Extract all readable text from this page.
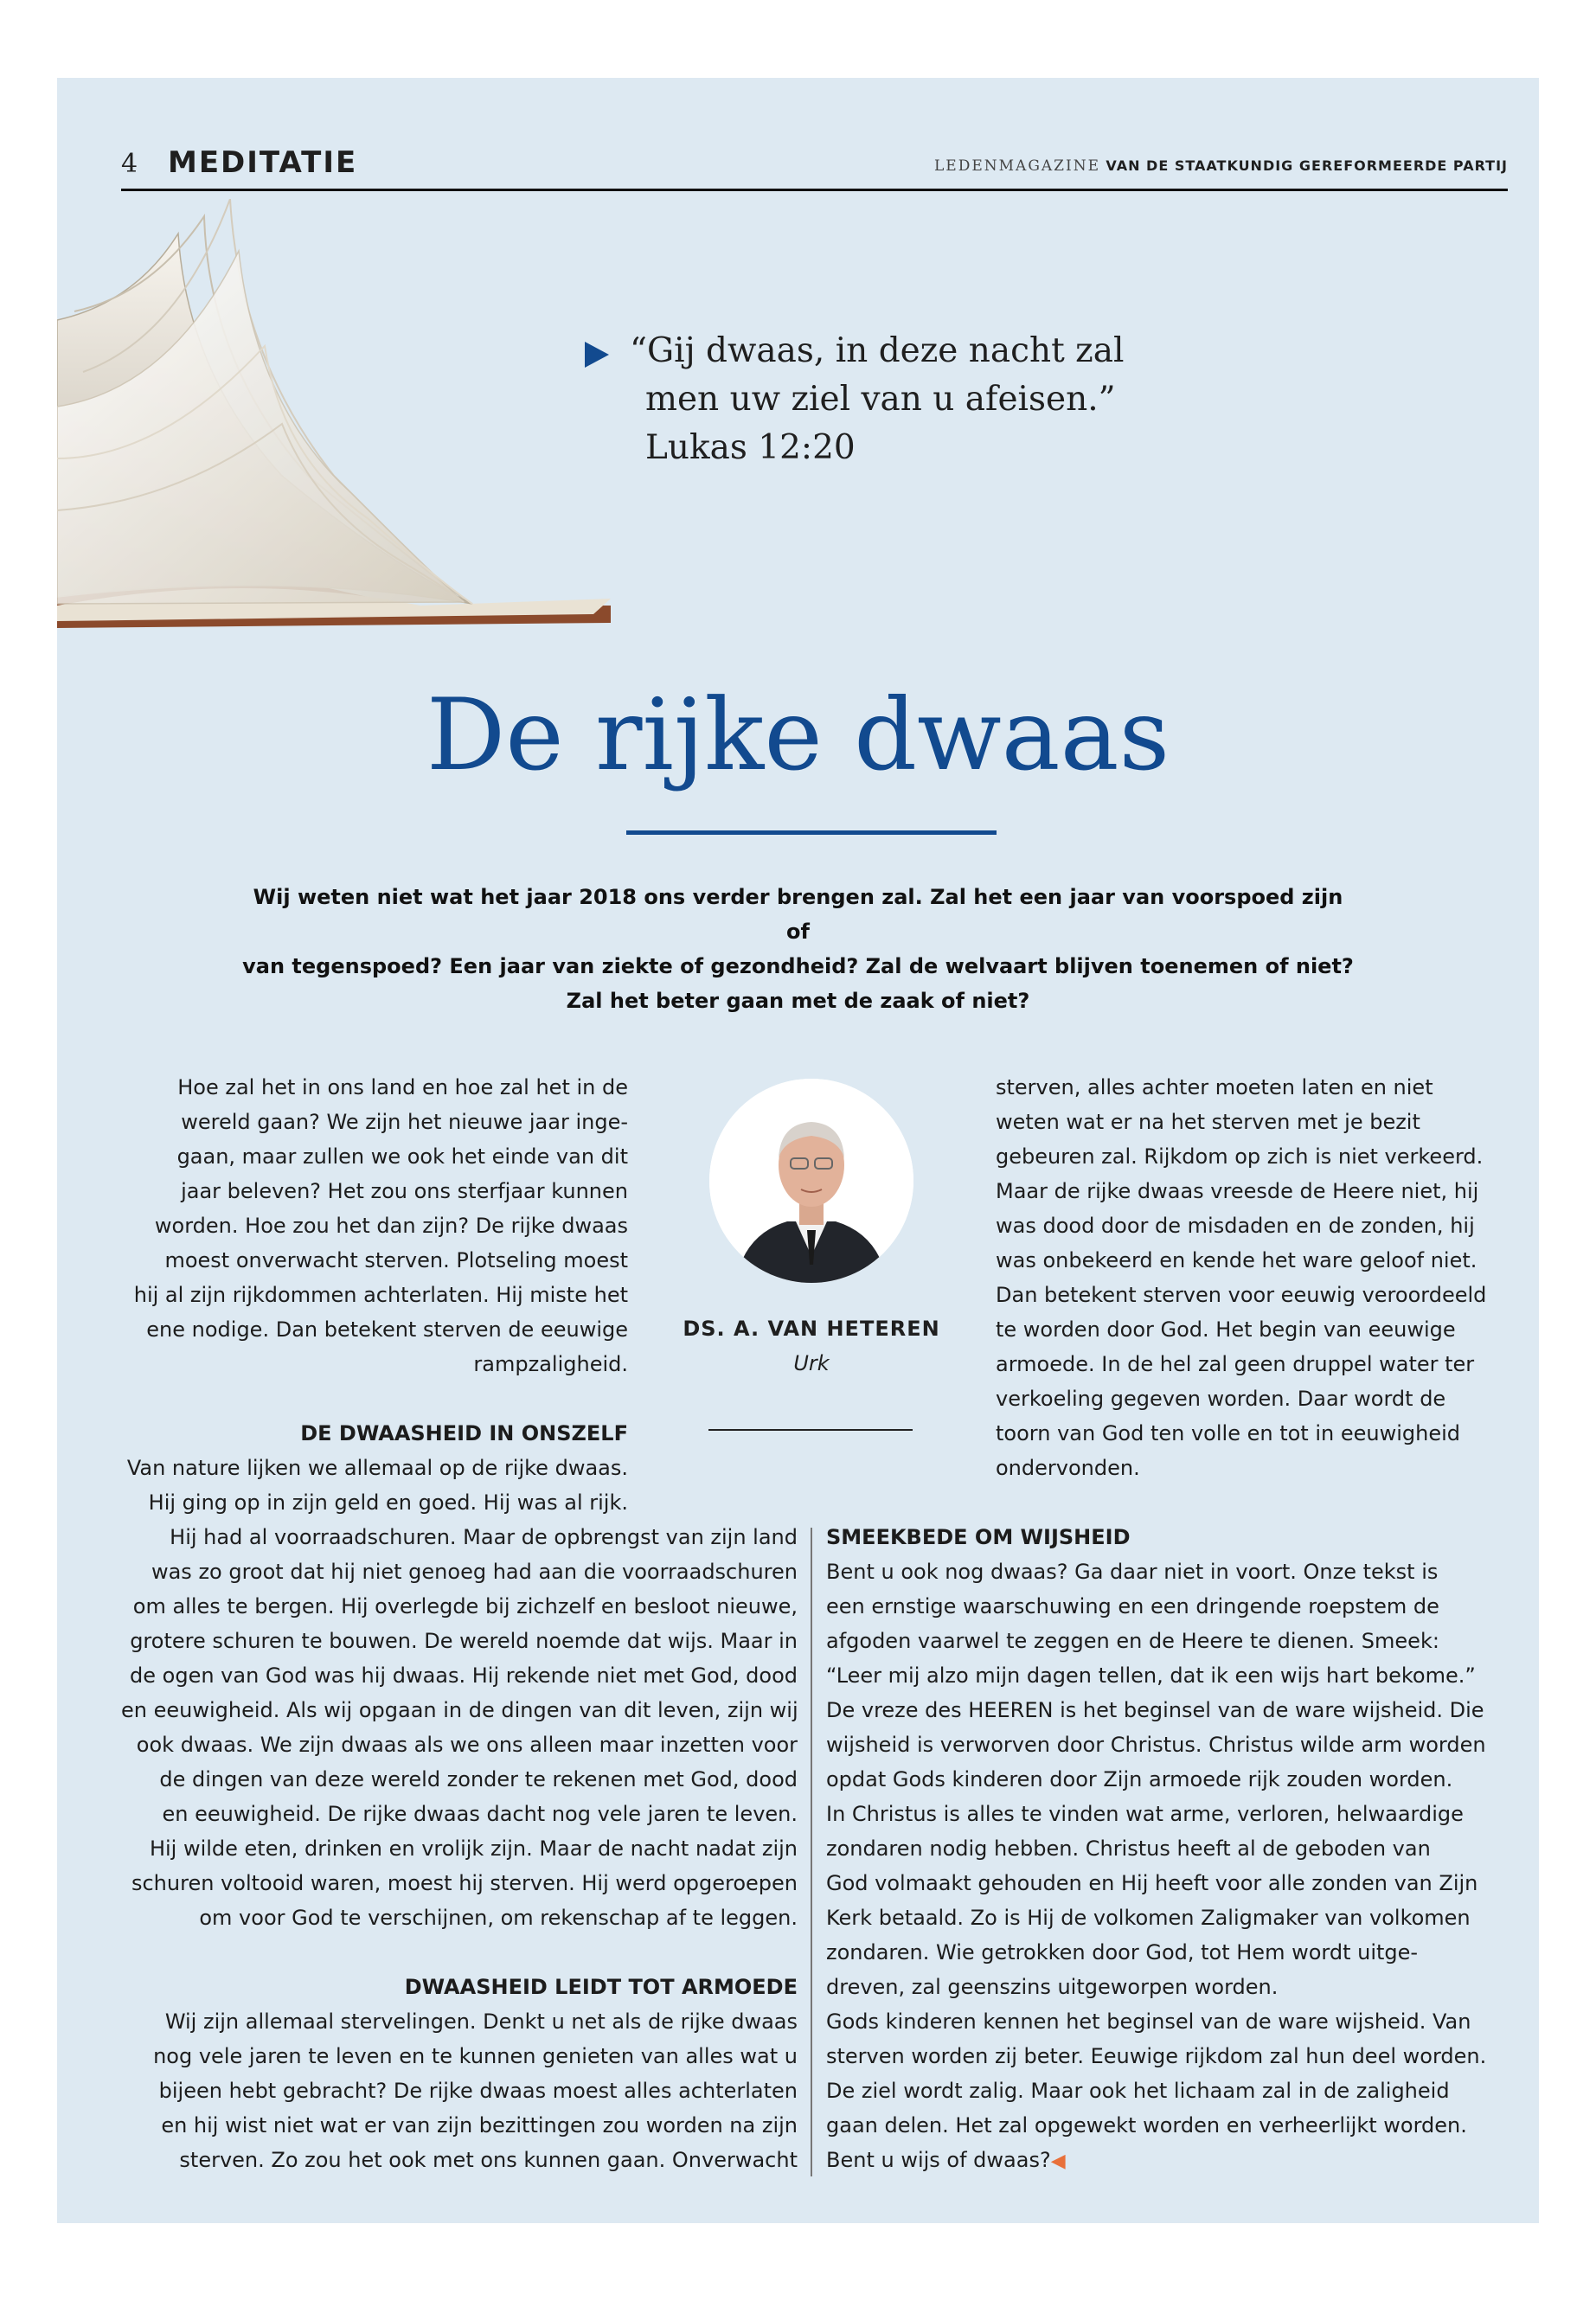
4 MEDITATIE	LEDENMAGAZINE VAN DE STAATKUNDIG GEREFORMEERDE PARTIJ
“Gij dwaas, in deze nacht zal
men uw ziel van u afeisen.”
Lukas 12:20
De rijke dwaas
Wij weten niet wat het jaar 2018 ons verder brengen zal. Zal het een jaar van voorspoed zijn of
van tegenspoed? Een jaar van ziekte of gezondheid? Zal de welvaart blijven toenemen of niet?
Zal het beter gaan met de zaak of niet?

Hoe zal het in ons land en hoe zal het in de

wereld gaan? We zijn het nieuwe jaar inge-

gaan, maar zullen we ook het einde van dit

jaar beleven? Het zou ons sterfjaar kunnen

worden. Hoe zou het dan zijn? De rijke dwaas

moest onverwacht sterven. Plotseling moest

hij al zijn rijkdommen achterlaten. Hij miste het

ene nodige. Dan betekent sterven de eeuwige

rampzaligheid.

DE DWAASHEID IN ONSZELF

Van nature lijken we allemaal op de rijke dwaas.

Hij ging op in zijn geld en goed. Hij was al rijk.

Hij had al voorraadschuren. Maar de opbrengst van zijn land

was zo groot dat hij niet genoeg had aan die voorraadschuren

om alles te bergen. Hij overlegde bij zichzelf en besloot nieuwe,

grotere schuren te bouwen. De wereld noemde dat wijs. Maar in

de ogen van God was hij dwaas. Hij rekende niet met God, dood

en eeuwigheid. Als wij opgaan in de dingen van dit leven, zijn wij

ook dwaas. We zijn dwaas als we ons alleen maar inzetten voor

de dingen van deze wereld zonder te rekenen met God, dood

en eeuwigheid. De rijke dwaas dacht nog vele jaren te leven.

Hij wilde eten, drinken en vrolijk zijn. Maar de nacht nadat zijn

schuren voltooid waren, moest hij sterven. Hij werd opgeroepen

om voor God te verschijnen, om rekenschap af te leggen.

DWAASHEID LEIDT TOT ARMOEDE

Wij zijn allemaal stervelingen. Denkt u net als de rijke dwaas

nog vele jaren te leven en te kunnen genieten van alles wat u

bijeen hebt gebracht? De rijke dwaas moest alles achterlaten

en hij wist niet wat er van zijn bezittingen zou worden na zijn

sterven. Zo zou het ook met ons kunnen gaan. Onverwacht

DS. A. VAN HETEREN
Urk

sterven, alles achter moeten laten en niet

weten wat er na het sterven met je bezit

gebeuren zal. Rijkdom op zich is niet verkeerd.

Maar de rijke dwaas vreesde de Heere niet, hij

was dood door de misdaden en de zonden, hij

was onbekeerd en kende het ware geloof niet.

Dan betekent sterven voor eeuwig veroordeeld

te worden door God. Het begin van eeuwige

armoede. In de hel zal geen druppel water ter

verkoeling gegeven worden. Daar wordt de

toorn van God ten volle en tot in eeuwigheid

ondervonden.

SMEEKBEDE OM WIJSHEID

Bent u ook nog dwaas? Ga daar niet in voort. Onze tekst is

een ernstige waarschuwing en een dringende roepstem de

afgoden vaarwel te zeggen en de Heere te dienen. Smeek:

“Leer mij alzo mijn dagen tellen, dat ik een wijs hart bekome.”

De vreze des HEEREN is het beginsel van de ware wijsheid. Die

wijsheid is verworven door Christus. Christus wilde arm worden

opdat Gods kinderen door Zijn armoede rijk zouden worden.

In Christus is alles te vinden wat arme, verloren, helwaardige

zondaren nodig hebben. Christus heeft al de geboden van

God volmaakt gehouden en Hij heeft voor alle zonden van Zijn

Kerk betaald. Zo is Hij de volkomen Zaligmaker van volkomen

zondaren. Wie getrokken door God, tot Hem wordt uitge-

dreven, zal geenszins uitgeworpen worden.

Gods kinderen kennen het beginsel van de ware wijsheid. Van

sterven worden zij beter. Eeuwige rijkdom zal hun deel worden.

De ziel wordt zalig. Maar ook het lichaam zal in de zaligheid

gaan delen. Het zal opgewekt worden en verheerlijkt worden.

Bent u wijs of dwaas?◀
